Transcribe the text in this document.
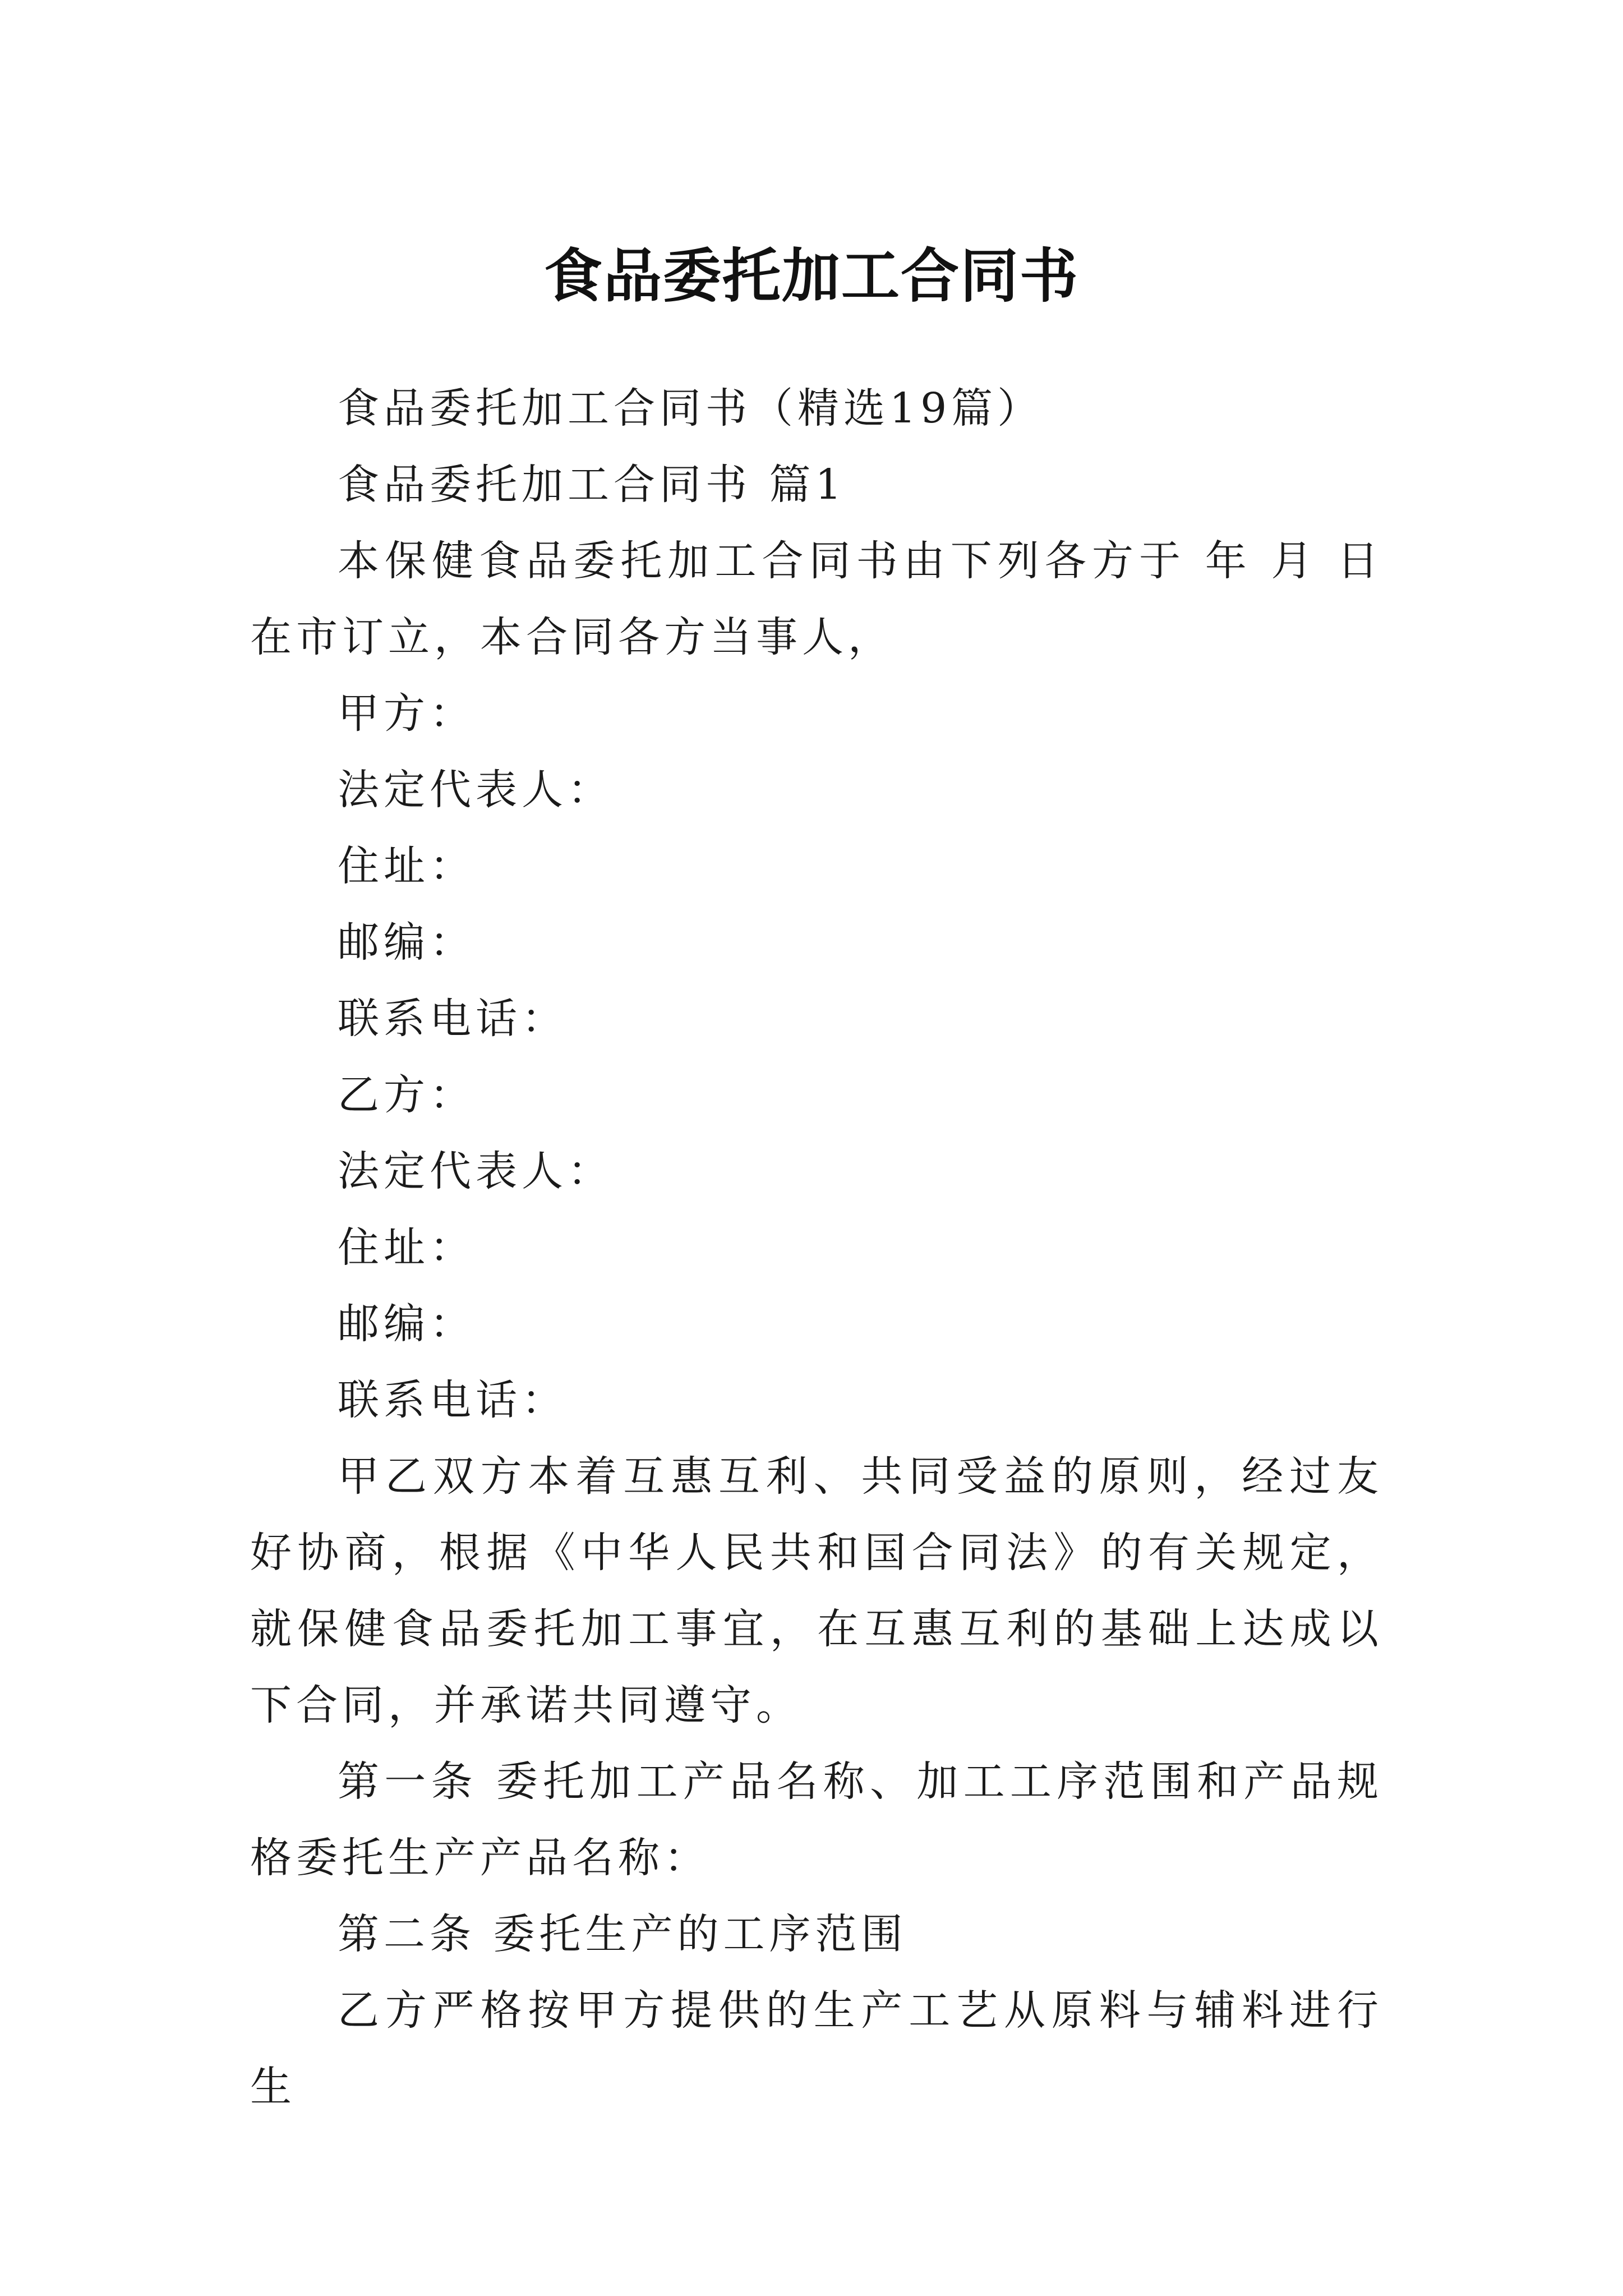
食品委托加工合同书

食品委托加工合同书（精选19篇）

食品委托加工合同书 篇1

本保健食品委托加工合同书由下列各方于 年 月 日在市订立，本合同各方当事人，

甲方：

法定代表人：

住址：

邮编：

联系电话：

乙方：

法定代表人：

住址：

邮编：

联系电话：

甲乙双方本着互惠互利、共同受益的原则，经过友好协商，根据《中华人民共和国合同法》的有关规定，就保健食品委托加工事宜，在互惠互利的基础上达成以下合同，并承诺共同遵守。

第一条 委托加工产品名称、加工工序范围和产品规格委托生产产品名称：

第二条 委托生产的工序范围

乙方严格按甲方提供的生产工艺从原料与辅料进行生
